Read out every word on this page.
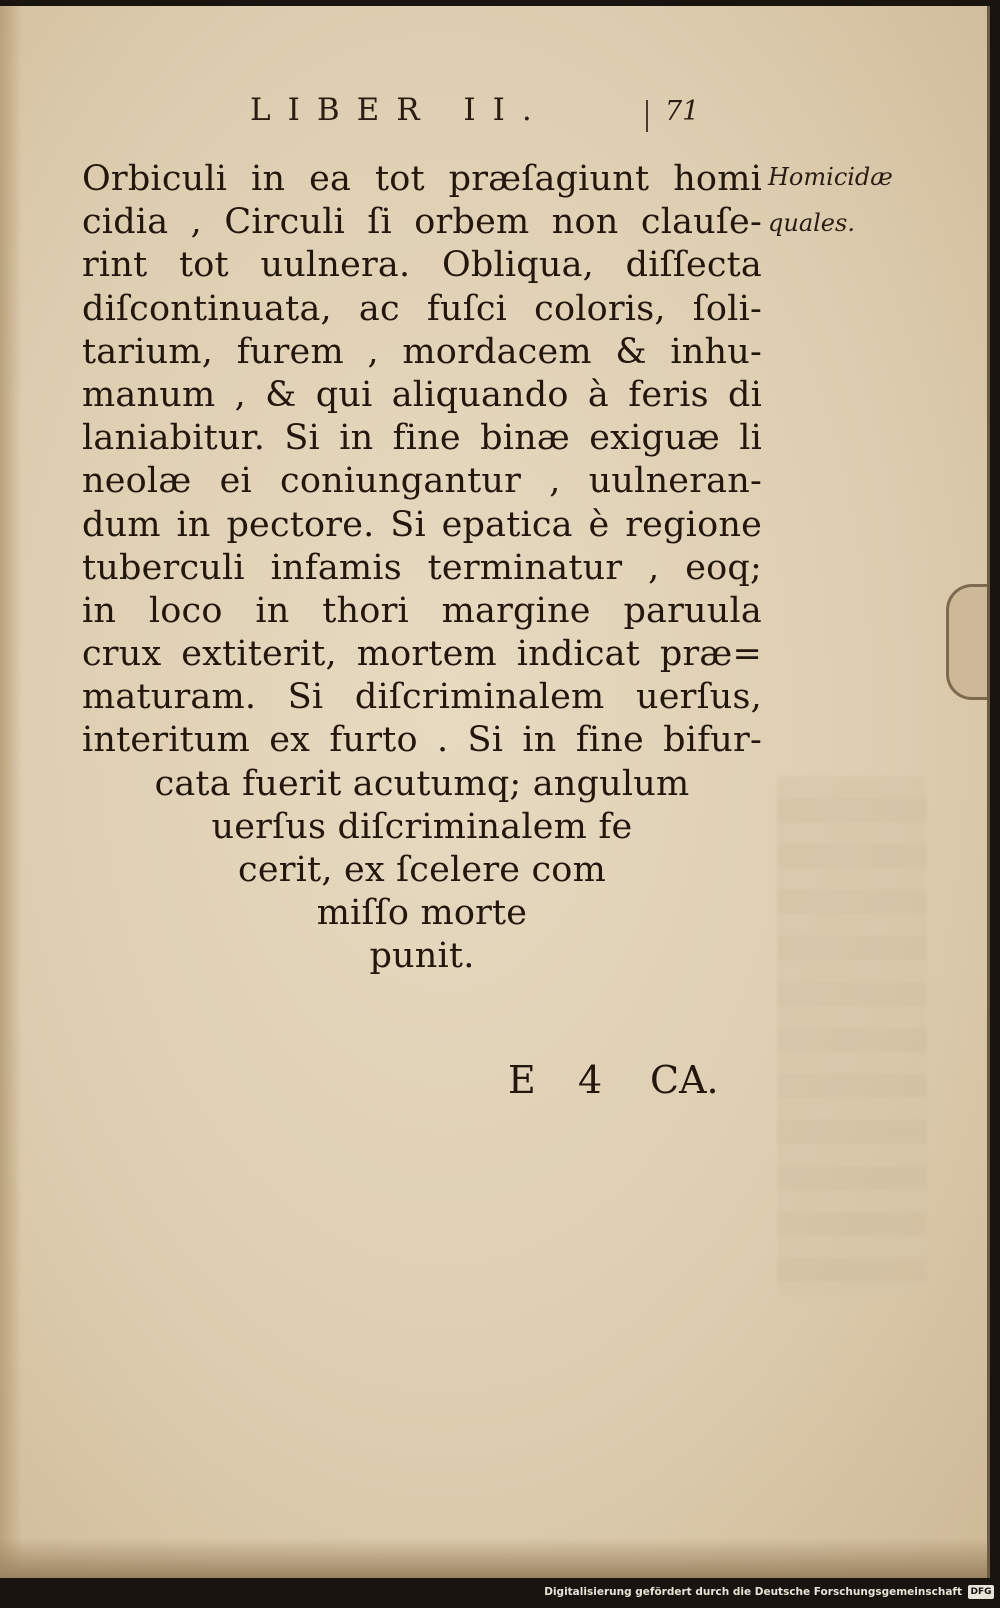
LIBER II.	71
Homicidæ
quales.
Orbiculi in ea tot præſagiunt homi
cidia , Circuli ſi orbem non clauſe-
rint tot uulnera. Obliqua, diſſecta
diſcontinuata, ac fuſci coloris, ſoli-
tarium, furem , mordacem & inhu-
manum , & qui aliquando à feris di
laniabitur. Si in fine binæ exiguæ li
neolæ ei coniungantur , uulneran-
dum in pectore. Si epatica è regione
tuberculi infamis terminatur , eoq;
in loco in thori margine paruula
crux extiterit, mortem indicat præ=
maturam. Si diſcriminalem uerſus,
interitum ex furto . Si in fine bifur-
cata fuerit acutumq; angulum
uerſus diſcriminalem fe
cerit, ex ſcelere com
miſſo morte
punit.
E 4 CA.
Digitalisierung gefördert durch die Deutsche Forschungsgemeinschaft DFG
